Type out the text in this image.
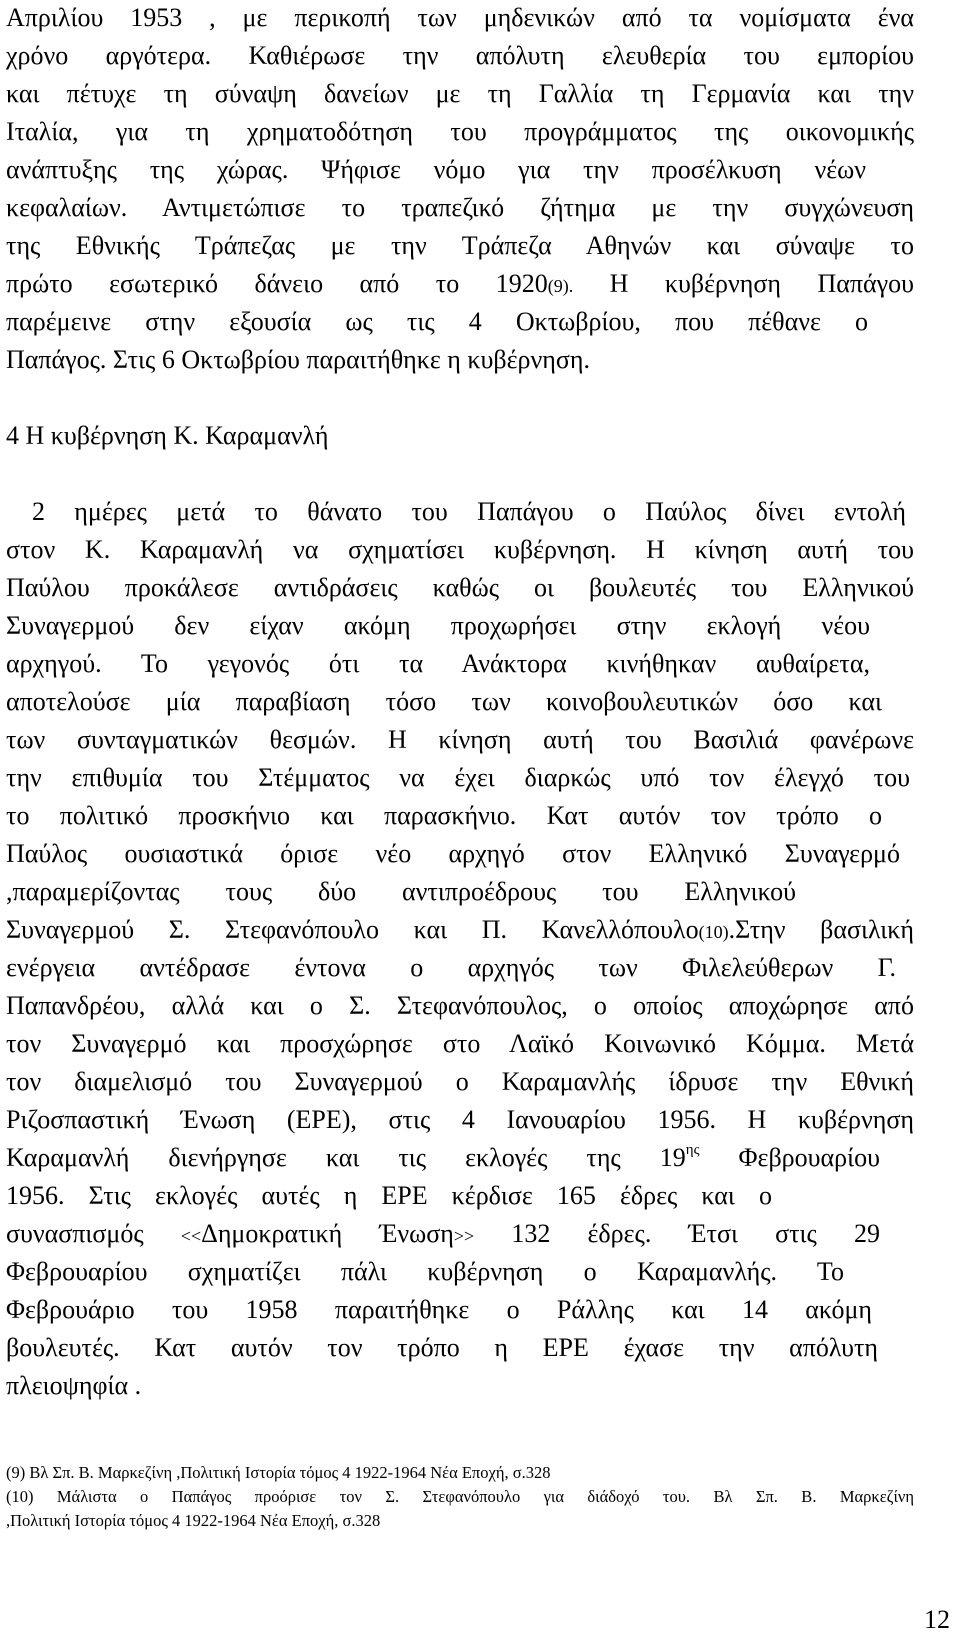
Απριλίου 1953 , με περικοπή των μηδενικών από τα νομίσματα ένα
χρόνο αργότερα. Καθιέρωσε την απόλυτη ελευθερία του εμπορίου
και πέτυχε τη σύναψη δανείων με τη Γαλλία τη Γερμανία και την
Ιταλία, για τη χρηματοδότηση του προγράμματος της οικονομικής
ανάπτυξης της χώρας. Ψήφισε νόμο για την προσέλκυση νέων
κεφαλαίων. Αντιμετώπισε το τραπεζικό ζήτημα με την συγχώνευση
της Εθνικής Τράπεζας με την Τράπεζα Αθηνών και σύναψε το
πρώτο εσωτερικό δάνειο από το 1920(9). Η κυβέρνηση Παπάγου
παρέμεινε στην εξουσία ως τις 4 Οκτωβρίου, που πέθανε ο
Παπάγος. Στις 6 Οκτωβρίου παραιτήθηκε η κυβέρνηση.
4 Η κυβέρνηση Κ. Καραμανλή
2 ημέρες μετά το θάνατο του Παπάγου ο Παύλος δίνει εντολή
στον Κ. Καραμανλή να σχηματίσει κυβέρνηση. Η κίνηση αυτή του
Παύλου προκάλεσε αντιδράσεις καθώς οι βουλευτές του Ελληνικού
Συναγερμού δεν είχαν ακόμη προχωρήσει στην εκλογή νέου
αρχηγού. Το γεγονός ότι τα Ανάκτορα κινήθηκαν αυθαίρετα,
αποτελούσε μία παραβίαση τόσο των κοινοβουλευτικών όσο και
των συνταγματικών θεσμών. Η κίνηση αυτή του Βασιλιά φανέρωνε
την επιθυμία του Στέμματος να έχει διαρκώς υπό τον έλεγχό του
το πολιτικό προσκήνιο και παρασκήνιο. Κατ αυτόν τον τρόπο ο
Παύλος ουσιαστικά όρισε νέο αρχηγό στον Ελληνικό Συναγερμό
,παραμερίζοντας τους δύο αντιπροέδρους του Ελληνικού
Συναγερμού Σ. Στεφανόπουλο και Π. Κανελλόπουλο(10).Στην βασιλική
ενέργεια αντέδρασε έντονα ο αρχηγός των Φιλελεύθερων Γ.
Παπανδρέου, αλλά και ο Σ. Στεφανόπουλος, ο οποίος αποχώρησε από
τον Συναγερμό και προσχώρησε στο Λαϊκό Κοινωνικό Κόμμα. Μετά
τον διαμελισμό του Συναγερμού ο Καραμανλής ίδρυσε την Εθνική
Ριζοσπαστική Ένωση (ΕΡΕ), στις 4 Ιανουαρίου 1956. Η κυβέρνηση
Καραμανλή διενήργησε και τις εκλογές της $19^{\eta\varsigma}$ Φεβρουαρίου
1956. Στις εκλογές αυτές η ΕΡΕ κέρδισε 165 έδρες και ο
συνασπισμός <<Δημοκρατική Ένωση>> 132 έδρες. Έτσι στις 29
Φεβρουαρίου σχηματίζει πάλι κυβέρνηση ο Καραμανλής. Το
Φεβρουάριο του 1958 παραιτήθηκε ο Ράλλης και 14 ακόμη
βουλευτές. Κατ αυτόν τον τρόπο η ΕΡΕ έχασε την απόλυτη
πλειοψηφία .
(9) Βλ Σπ. Β. Μαρκεζίνη ,Πολιτική Ιστορία τόμος 4 1922-1964 Νέα Εποχή, σ.328
(10) Μάλιστα ο Παπάγος προόρισε τον Σ. Στεφανόπουλο για διάδοχό του. Βλ Σπ. Β. Μαρκεζίνη
,Πολιτική Ιστορία τόμος 4 1922-1964 Νέα Εποχή, σ.328
12
